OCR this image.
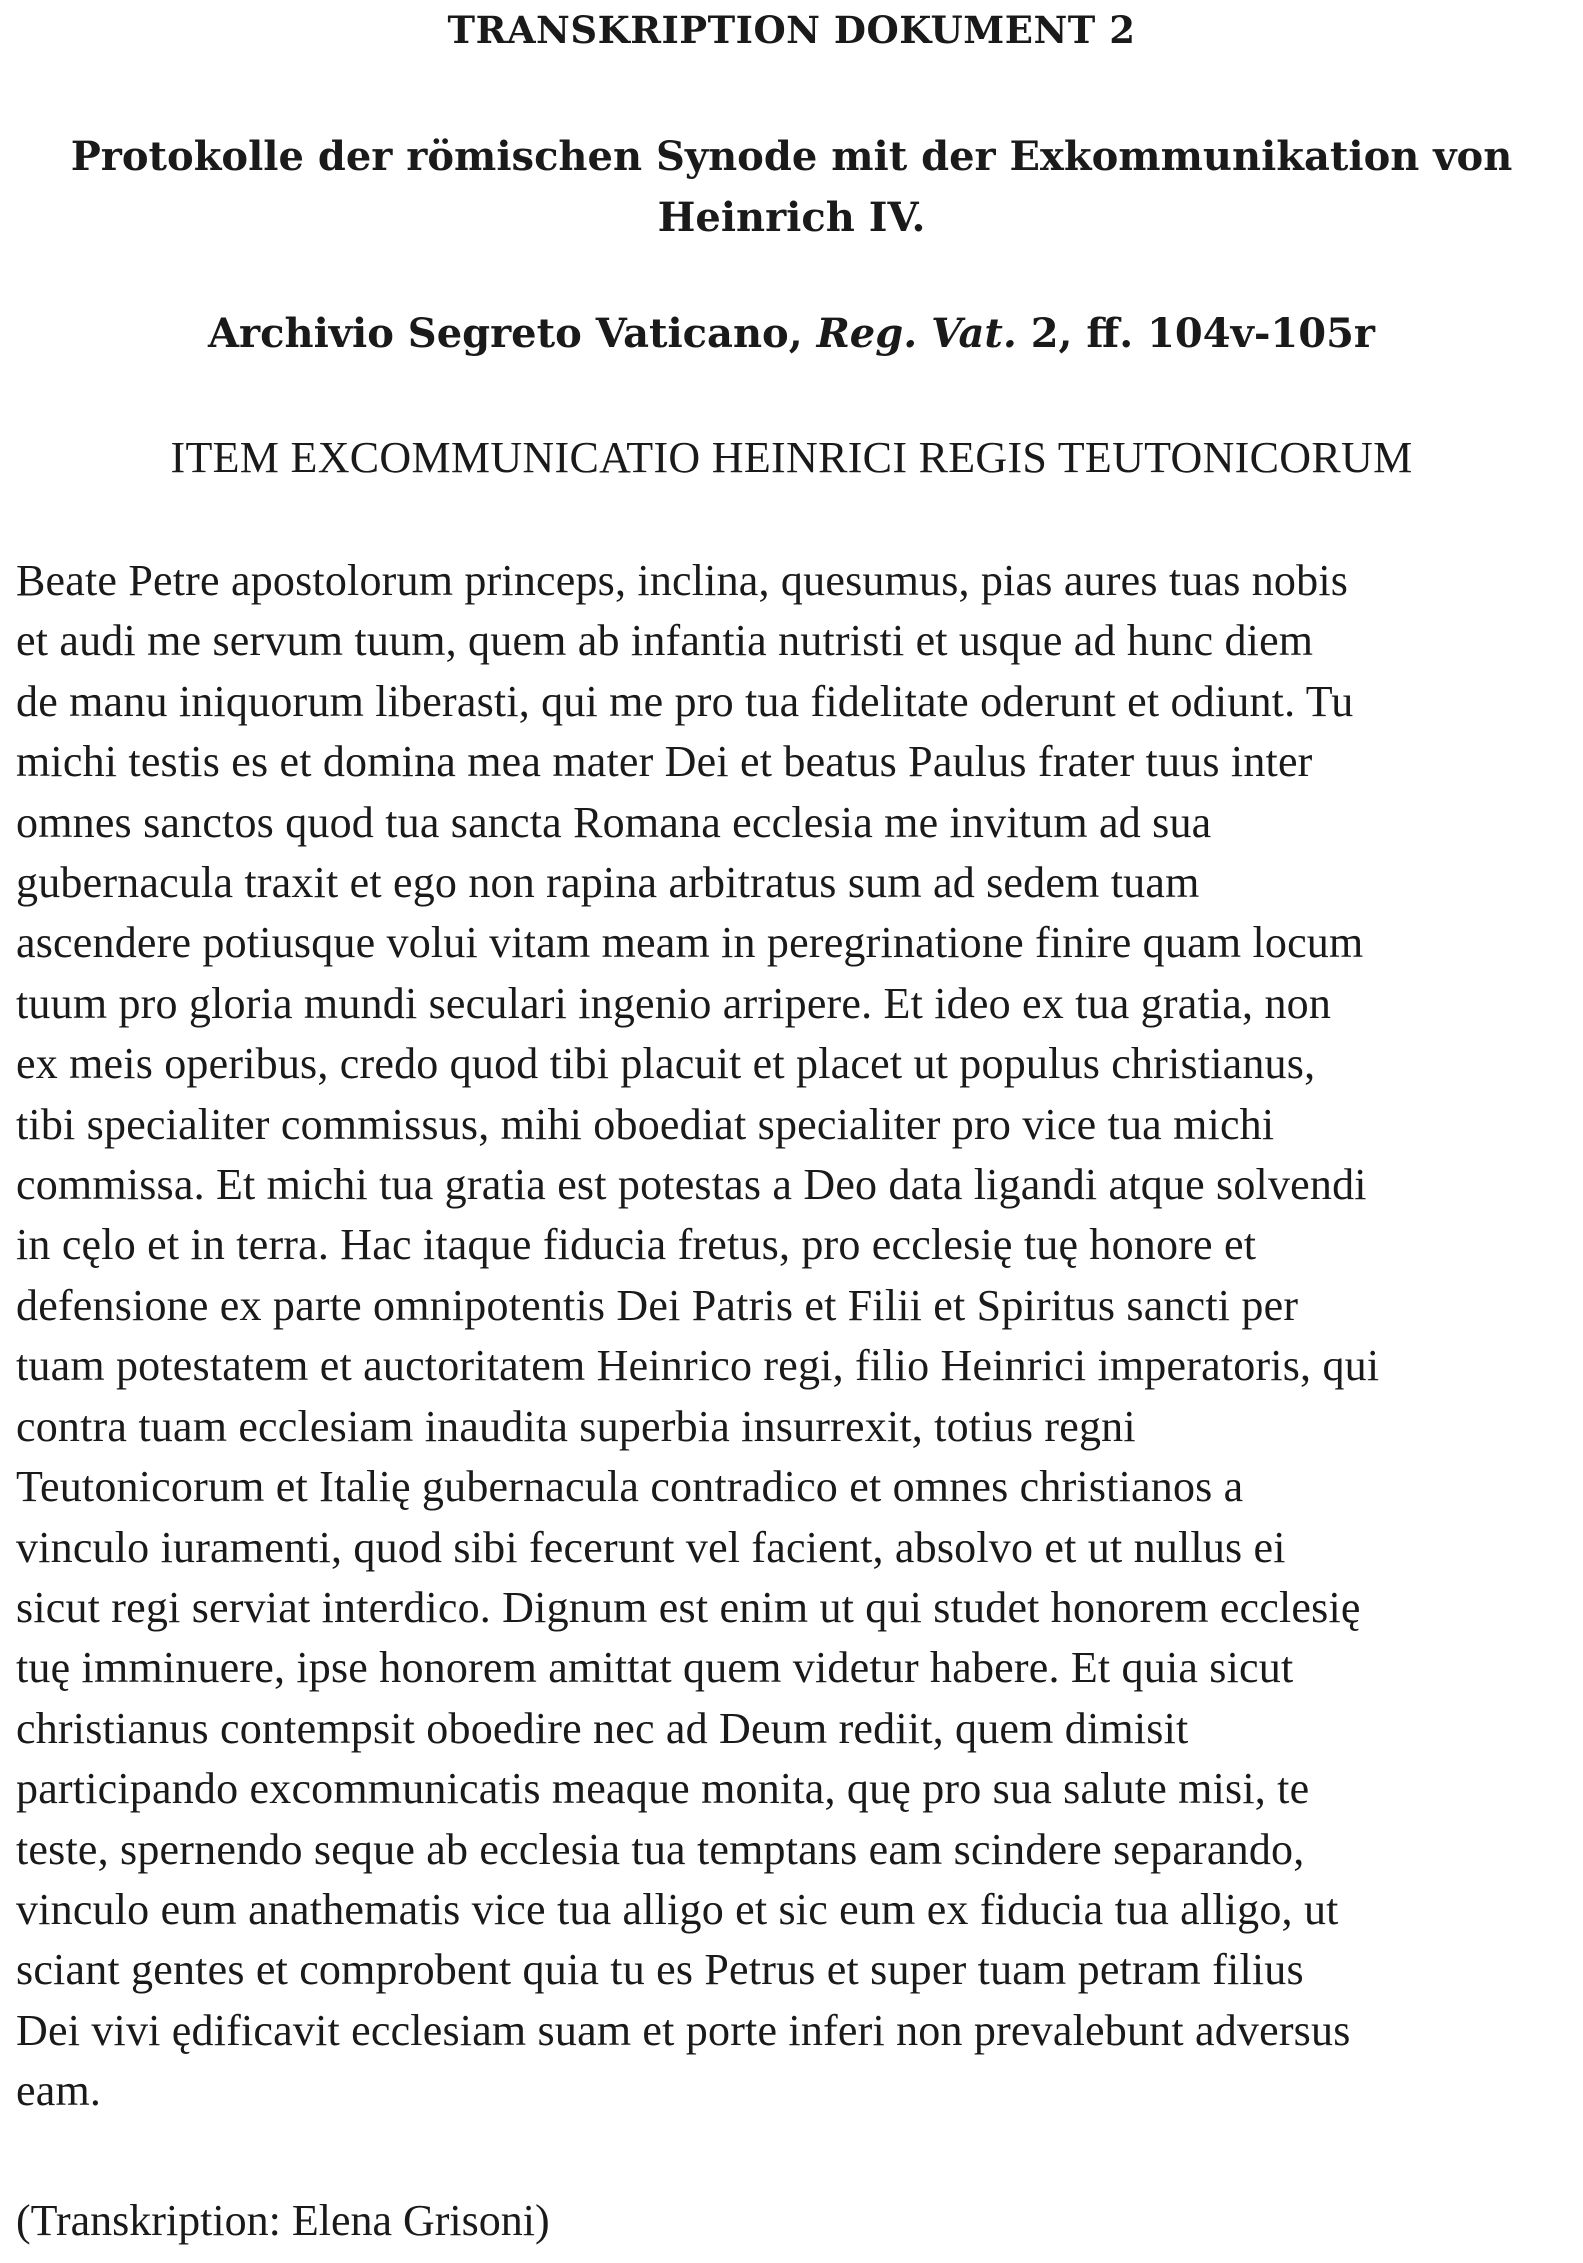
TRANSKRIPTION DOKUMENT 2
Protokolle der römischen Synode mit der Exkommunikation von
Heinrich IV.
Archivio Segreto Vaticano, Reg. Vat. 2, ff. 104v-105r
ITEM EXCOMMUNICATIO HEINRICI REGIS TEUTONICORUM
Beate Petre apostolorum princeps, inclina, quesumus, pias aures tuas nobis
et audi me servum tuum, quem ab infantia nutristi et usque ad hunc diem
de manu iniquorum liberasti, qui me pro tua fidelitate oderunt et odiunt. Tu
michi testis es et domina mea mater Dei et beatus Paulus frater tuus inter
omnes sanctos quod tua sancta Romana ecclesia me invitum ad sua
gubernacula traxit et ego non rapina arbitratus sum ad sedem tuam
ascendere potiusque volui vitam meam in peregrinatione finire quam locum
tuum pro gloria mundi seculari ingenio arripere. Et ideo ex tua gratia, non
ex meis operibus, credo quod tibi placuit et placet ut populus christianus,
tibi specialiter commissus, mihi oboediat specialiter pro vice tua michi
commissa. Et michi tua gratia est potestas a Deo data ligandi atque solvendi
in cęlo et in terra. Hac itaque fiducia fretus, pro ecclesię tuę honore et
defensione ex parte omnipotentis Dei Patris et Filii et Spiritus sancti per
tuam potestatem et auctoritatem Heinrico regi, filio Heinrici imperatoris, qui
contra tuam ecclesiam inaudita superbia insurrexit, totius regni
Teutonicorum et Italię gubernacula contradico et omnes christianos a
vinculo iuramenti, quod sibi fecerunt vel facient, absolvo et ut nullus ei
sicut regi serviat interdico. Dignum est enim ut qui studet honorem ecclesię
tuę imminuere, ipse honorem amittat quem videtur habere. Et quia sicut
christianus contempsit oboedire nec ad Deum rediit, quem dimisit
participando excommunicatis meaque monita, quę pro sua salute misi, te
teste, spernendo seque ab ecclesia tua temptans eam scindere separando,
vinculo eum anathematis vice tua alligo et sic eum ex fiducia tua alligo, ut
sciant gentes et comprobent quia tu es Petrus et super tuam petram filius
Dei vivi ędificavit ecclesiam suam et porte inferi non prevalebunt adversus
eam.
(Transkription: Elena Grisoni)
